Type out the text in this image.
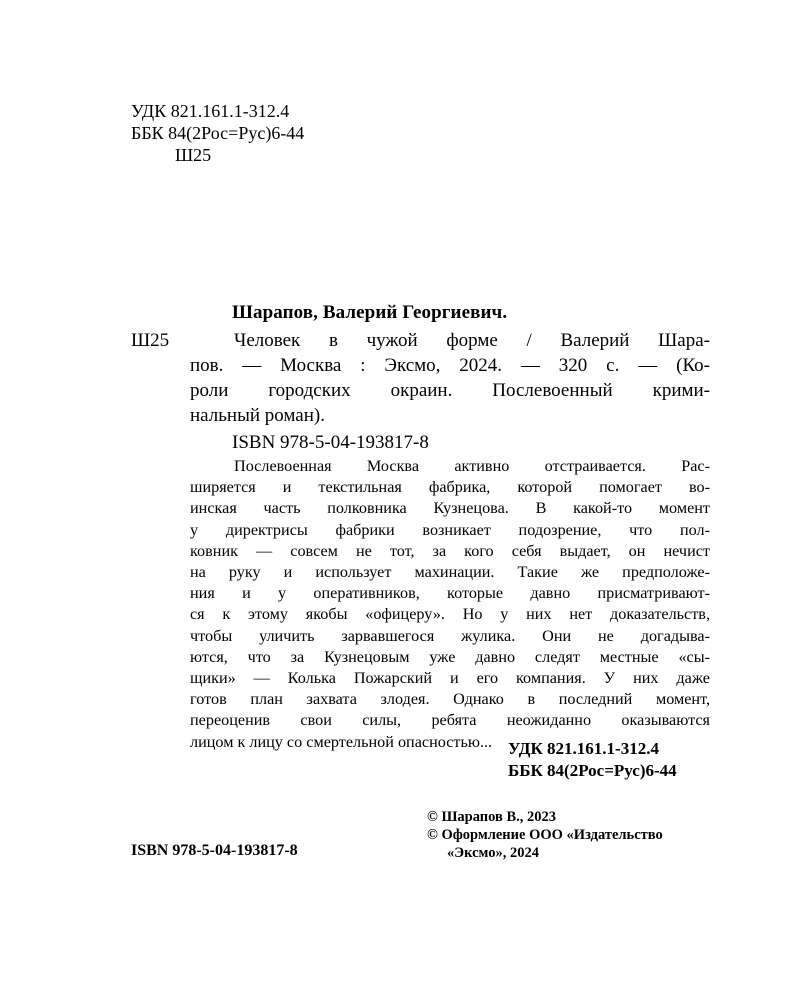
УДК 821.161.1-312.4
ББК 84(2Рос=Рус)6-44
Ш25
Шарапов, Валерий Георгиевич.
Ш25	Человек в чужой форме / Валерий Шара-
пов. — Москва : Эксмо, 2024. — 320 с. — (Ко-
роли городских окраин. Послевоенный крими-
нальный роман).
ISBN 978-5-04-193817-8
Послевоенная Москва активно отстраивается. Рас-
ширяется и текстильная фабрика, которой помогает во-
инская часть полковника Кузнецова. В какой-то момент
у директрисы фабрики возникает подозрение, что пол-
ковник — совсем не тот, за кого себя выдает, он нечист
на руку и использует махинации. Такие же предположе-
ния и у оперативников, которые давно присматривают-
ся к этому якобы «офицеру». Но у них нет доказательств,
чтобы уличить зарвавшегося жулика. Они не догадыва-
ются, что за Кузнецовым уже давно следят местные «сы-
щики» — Колька Пожарский и его компания. У них даже
готов план захвата злодея. Однако в последний момент,
переоценив свои силы, ребята неожиданно оказываются
лицом к лицу со смертельной опасностью... УДК 821.161.1-312.4
ББК 84(2Рос=Рус)6-44
© Шарапов В., 2023
© Оформление ООО «Издательство
«Эксмо», 2024
ISBN 978-5-04-193817-8
